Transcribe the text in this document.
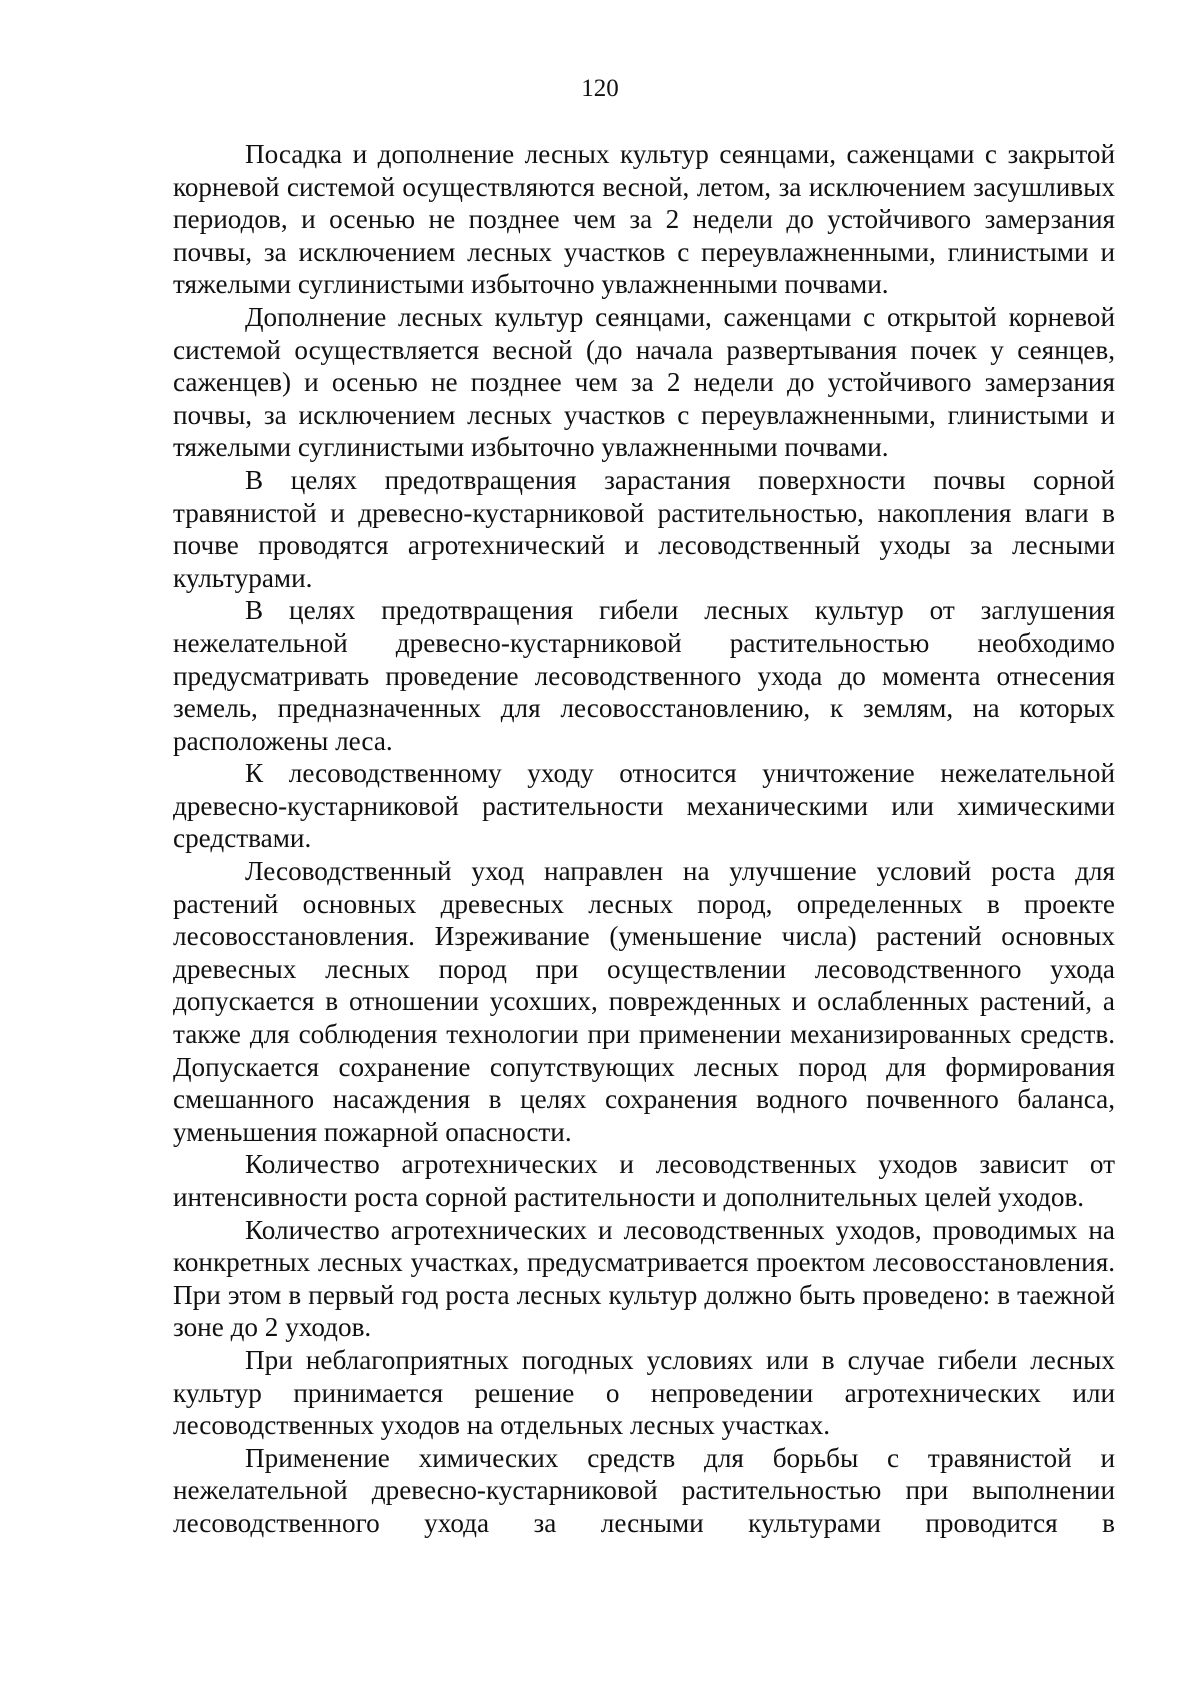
120

Посадка и дополнение лесных культур сеянцами, саженцами с закрытой корневой системой осуществляются весной, летом, за исключением засушливых периодов, и осенью не позднее чем за 2 недели до устойчивого замерзания почвы, за исключением лесных участков с переувлажненными, глинистыми и тяжелыми суглинистыми избыточно увлажненными почвами.

Дополнение лесных культур сеянцами, саженцами с открытой корневой системой осуществляется весной (до начала развертывания почек у сеянцев, саженцев) и осенью не позднее чем за 2 недели до устойчивого замерзания почвы, за исключением лесных участков с переувлажненными, глинистыми и тяжелыми суглинистыми избыточно увлажненными почвами.

В целях предотвращения зарастания поверхности почвы сорной травянистой и древесно-кустарниковой растительностью, накопления влаги в почве проводятся агротехнический и лесоводственный уходы за лесными культурами.

В целях предотвращения гибели лесных культур от заглушения нежелательной древесно-кустарниковой растительностью необходимо предусматривать проведение лесоводственного ухода до момента отнесения земель, предназначенных для лесовосстановлению, к землям, на которых расположены леса.

К лесоводственному уходу относится уничтожение нежелательной древесно-кустарниковой растительности механическими или химическими средствами.

Лесоводственный уход направлен на улучшение условий роста для растений основных древесных лесных пород, определенных в проекте лесовосстановления. Изреживание (уменьшение числа) растений основных древесных лесных пород при осуществлении лесоводственного ухода допускается в отношении усохших, поврежденных и ослабленных растений, а также для соблюдения технологии при применении механизированных средств. Допускается сохранение сопутствующих лесных пород для формирования смешанного насаждения в целях сохранения водного почвенного баланса, уменьшения пожарной опасности.

Количество агротехнических и лесоводственных уходов зависит от интенсивности роста сорной растительности и дополнительных целей уходов.

Количество агротехнических и лесоводственных уходов, проводимых на конкретных лесных участках, предусматривается проектом лесовосстановления. При этом в первый год роста лесных культур должно быть проведено: в таежной зоне до 2 уходов.

При неблагоприятных погодных условиях или в случае гибели лесных культур принимается решение о непроведении агротехнических или лесоводственных уходов на отдельных лесных участках.

Применение химических средств для борьбы с травянистой и нежелательной древесно-кустарниковой растительностью при выполнении лесоводственного ухода за лесными культурами проводится в
